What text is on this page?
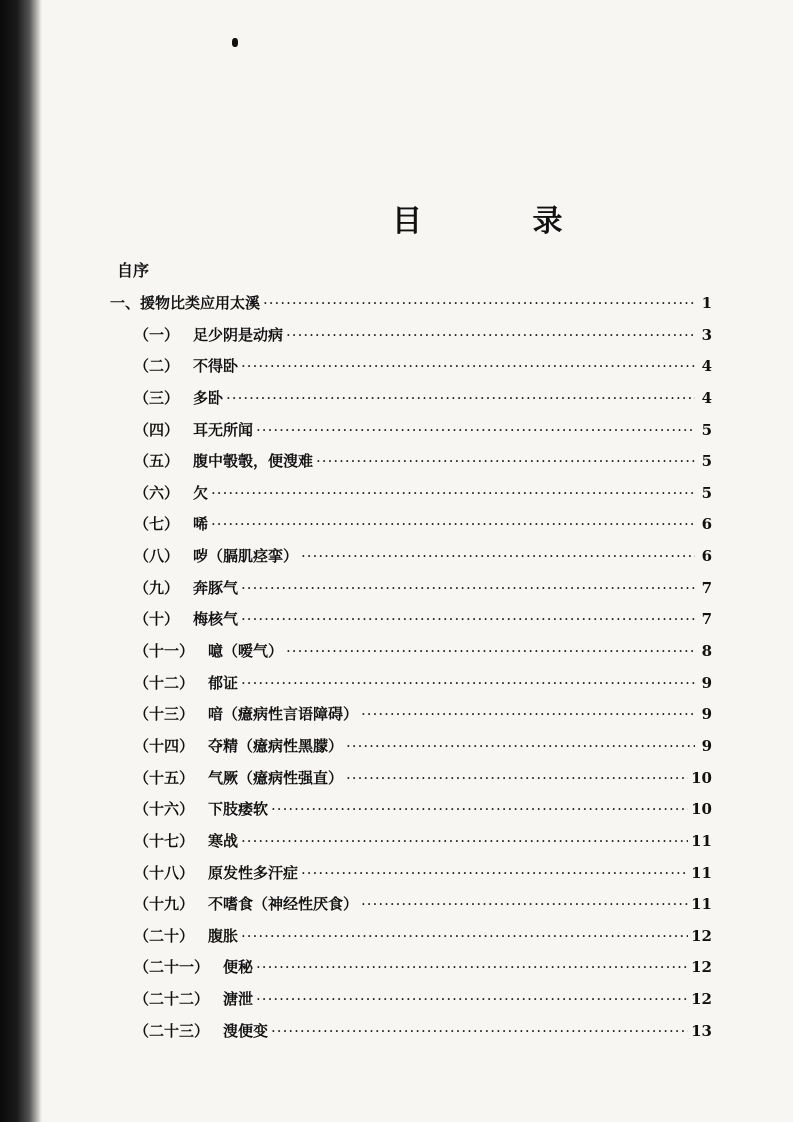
目 录
自序
一、援物比类应用太溪 ·····	1
（一） 足少阴是动病 ·····	3
（二） 不得卧 ·····	4
（三） 多卧 ·····	4
（四） 耳无所闻 ·····	5
（五） 腹中彀彀，便溲难 ·····	5
（六） 欠 ·····	5
（七） 唏 ·····	6
（八） 哕（膈肌痉挛） ·····	6
（九） 奔豚气 ·····	7
（十） 梅核气 ·····	7
（十一） 噫（嗳气） ·····	8
（十二） 郁证 ·····	9
（十三） 喑（癔病性言语障碍） ·····	9
（十四） 夺精（癔病性黑朦） ·····	9
（十五） 气厥（癔病性强直） ·····	10
（十六） 下肢痿软 ·····	10
（十七） 寒战 ·····	11
（十八） 原发性多汗症 ·····	11
（十九） 不嗜食（神经性厌食） ·····	11
（二十） 腹胀 ·····	12
（二十一） 便秘 ·····	12
（二十二） 溏泄 ·····	12
（二十三） 溲便变 ·····	13
